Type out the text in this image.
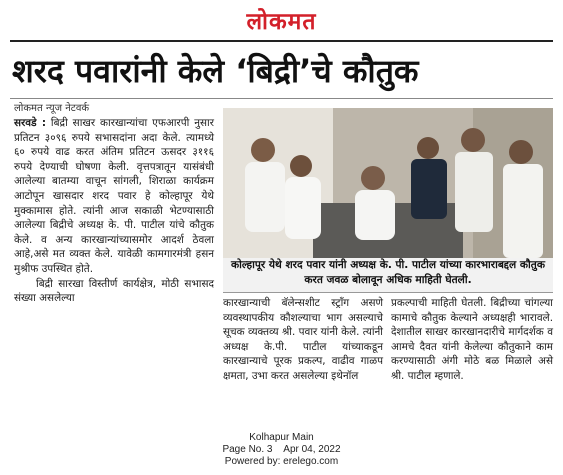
लोकमत
शरद पवारांनी केले ‘बिद्री’चे कौतुक
लोकमत न्यूज नेटवर्क

सरवडे : बिद्री साखर कारखान्यांचा एफआरपी नुसार प्रतिटन ३०९६ रुपये सभासदांना अदा केले. त्यामध्ये ६० रुपये वाढ करत अंतिम प्रतिटन ऊसदर ३११६ रुपये देण्याची घोषणा केली. वृत्तपत्रातून यासंबंधी आलेल्या बातम्या वाचून सांगली, शिराळा कार्यक्रम आटोपून खासदार शरद पवार हे कोल्हापूर येथे मुक्कामास होते. त्यांनी आज सकाळी भेटण्यासाठी आलेल्या बिद्रीचे अध्यक्ष के. पी. पाटील यांचे कौतुक केले. व अन्य कारखान्यांच्यासमोर आदर्श ठेवला आहे,असे मत व्यक्त केले. यावेळी कामगारमंत्री हसन मुश्रीफ उपस्थित होते.

बिद्री सारखा विस्तीर्ण कार्यक्षेत्र, मोठी सभासद संख्या असलेल्या

कोल्हापूर येथे शरद पवार यांनी अध्यक्ष के. पी. पाटील यांच्या कारभाराबद्दल कौतुक करत जवळ बोलावून अधिक माहिती घेतली.
कारखान्याची बॅलेन्सशीट स्ट्राँग असणे व्यवस्थापकीय कौशल्याचा भाग असल्याचे सूचक व्यक्तव्य श्री. पवार यांनी केले. त्यांनी अध्यक्ष के.पी. पाटील यांच्याकडून कारखान्याचे पूरक प्रकल्प, वाढीव गाळप क्षमता, उभा करत असलेल्या इथेनॉल
प्रकल्पाची माहिती घेतली. बिद्रीच्या चांगल्या कामाचे कौतुक केल्याने अध्यक्षही भारावले. देशातील साखर कारखानदारीचे मार्गदर्शक व आमचे दैवत यांनी केलेल्या कौतुकाने काम करण्यासाठी अंगी मोठे बळ मिळाले असे श्री. पाटील म्हणाले.
Kolhapur Main
Page No. 3 Apr 04, 2022
Powered by: erelego.com
